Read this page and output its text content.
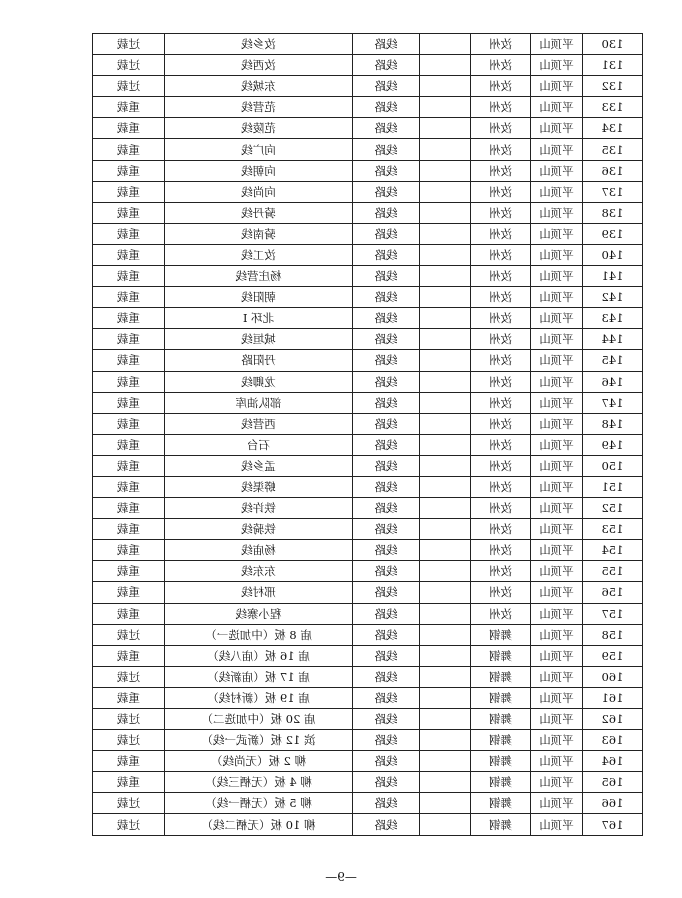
130	平顶山	汝州		线路	汝乡线	过载
131	平顶山	汝州		线路	汝西线	过载
132	平顶山	汝州		线路	东城线	过载
133	平顶山	汝州		线路	范营线	重载
134	平顶山	汝州		线路	范陵线	重载
135	平顶山	汝州		线路	向广线	重载
136	平顶山	汝州		线路	向朝线	重载
137	平顶山	汝州		线路	向尚线	重载
138	平顶山	汝州		线路	骑丹线	重载
139	平顶山	汝州		线路	骑南线	重载
140	平顶山	汝州		线路	汝工线	重载
141	平顶山	汝州		线路	杨庄营线	重载
142	平顶山	汝州		线路	朝阳线	重载
143	平顶山	汝州		线路	北环 I	重载
144	平顶山	汝州		线路	城垣线	重载
145	平顶山	汝州		线路	丹阳路	重载
146	平顶山	汝州		线路	龙卿线	重载
147	平顶山	汝州		线路	部队油库	重载
148	平顶山	汝州		线路	西营线	重载
149	平顶山	汝州		线路	石台	重载
150	平顶山	汝州		线路	孟乡线	重载
151	平顶山	汝州		线路	蟒渠线	重载
152	平顶山	汝州		线路	铁许线	重载
153	平顶山	汝州		线路	铁骑线	重载
154	平顶山	汝州		线路	杨庙线	重载
155	平顶山	汝州		线路	东东线	重载
156	平顶山	汝州		线路	邢村线	重载
157	平顶山	汝州		线路	程小寨线	重载
158	平顶山	舞钢		线路	庙 8 板（中加选一）	过载
159	平顶山	舞钢		线路	庙 16 板（庙八线）	重载
160	平顶山	舞钢		线路	庙 17 板（庙新线）	过载
161	平顶山	舞钢		线路	庙 19 板（新村线）	重载
162	平顶山	舞钢		线路	庙 20 板（中加选二）	过载
163	平顶山	舞钢		线路	滨 12 板（新武一线）	过载
164	平顶山	舞钢		线路	柳 2 板（无尚线）	重载
165	平顶山	舞钢		线路	柳 4 板（无栖三线）	重载
166	平顶山	舞钢		线路	柳 5 板（无栖一线）	过载
167	平顶山	舞钢		线路	柳 10 板（无栖二线）	过载
—9—
